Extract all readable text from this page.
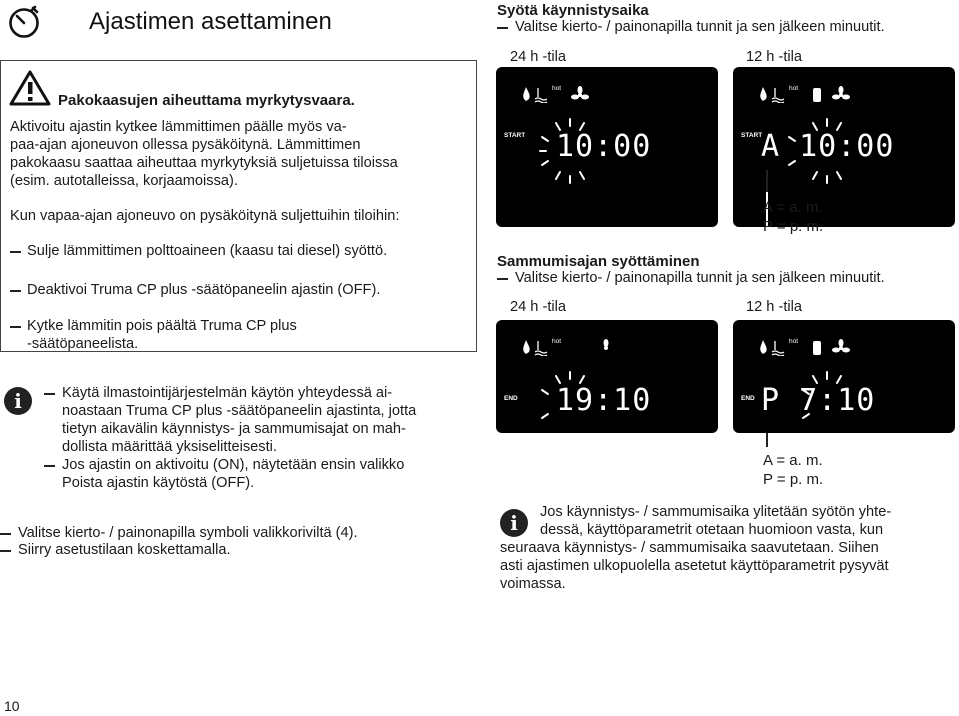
Ajastimen asettaminen
Pakokaasujen aiheuttama myrkytysvaara.
Aktivoitu ajastin kytkee lämmittimen päälle myös va-
paa-ajan ajoneuvon ollessa pysäköitynä. Lämmittimen
pakokaasu saattaa aiheuttaa myrkytyksiä suljetuissa tiloissa
(esim. autotalleissa, korjaamoissa).
Kun vapaa-ajan ajoneuvo on pysäköitynä suljettuihin tiloihin:
Sulje lämmittimen polttoaineen (kaasu tai diesel) syöttö.
Deaktivoi Truma CP plus -säätöpaneelin ajastin (OFF).
Kytke lämmitin pois päältä Truma CP plus
-säätöpaneelista.
i	Käytä ilmastointijärjestelmän käytön yhteydessä ai-
noastaan Truma CP plus -säätöpaneelin ajastinta, jotta
tietyn aikavälin käynnistys- ja sammumisajat on mah-
dollista määrittää yksiselitteisesti.
Jos ajastin on aktivoitu (ON), näytetään ensin valikko
Poista ajastin käytöstä (OFF).
Valitse kierto- / painonapilla symboli valikkoriviltä (4).
Siirry asetustilaan koskettamalla.
10
Syötä käynnistysaika
Valitse kierto- / painonapilla tunnit ja sen jälkeen minuutit.
24 h -tila	12 h -tila
hot
START 10:00
hot
START
A 10:00
A = a. m.
P = p. m.
Sammumisajan syöttäminen
Valitse kierto- / painonapilla tunnit ja sen jälkeen minuutit.
24 h -tila	12 h -tila
hot
END 19:10
hot
END P 7:10
A = a. m.
P = p. m.
i	Jos käynnistys- / sammumisaika ylitetään syötön yhte-
dessä, käyttöparametrit otetaan huomioon vasta, kun
seuraava käynnistys- / sammumisaika saavutetaan. Siihen
asti ajastimen ulkopuolella asetetut käyttöparametrit pysyvät
voimassa.
